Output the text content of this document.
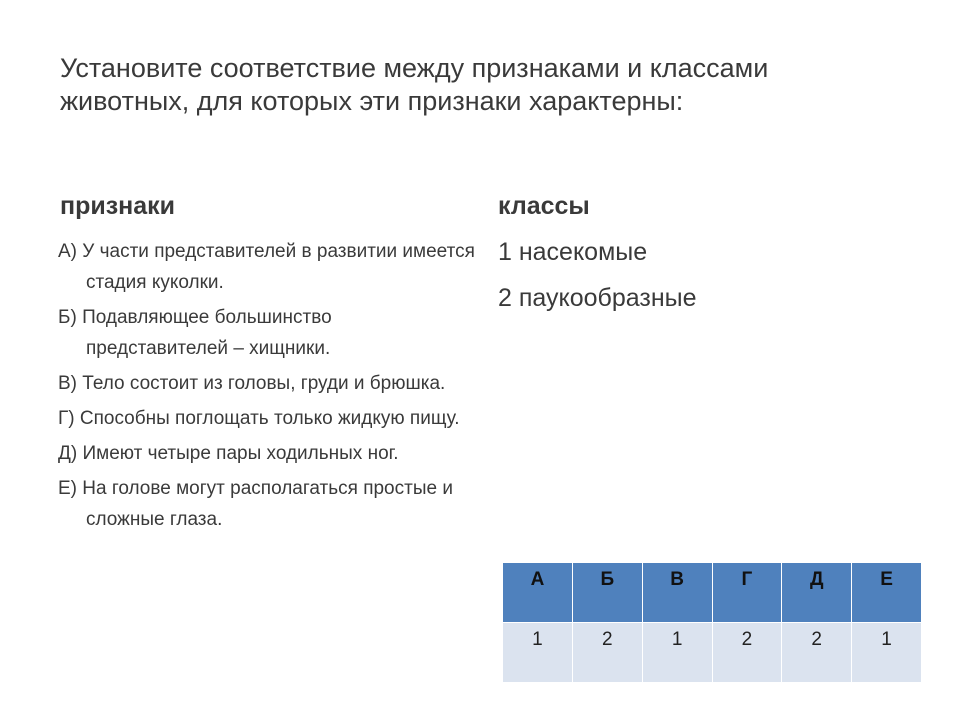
Установите соответствие между признаками и классами животных, для которых эти признаки характерны:
признаки	классы
А) У части представителей в развитии имеется стадия куколки.
Б) Подавляющее большинство представителей – хищники.
В) Тело состоит из головы, груди и брюшка.
Г) Способны поглощать только жидкую пищу.
Д) Имеют четыре пары ходильных ног.
Е) На голове могут располагаться простые и сложные глаза.
1 насекомые
2 паукообразные
А	Б	В	Г	Д	Е
1	2	1	2	2	1
